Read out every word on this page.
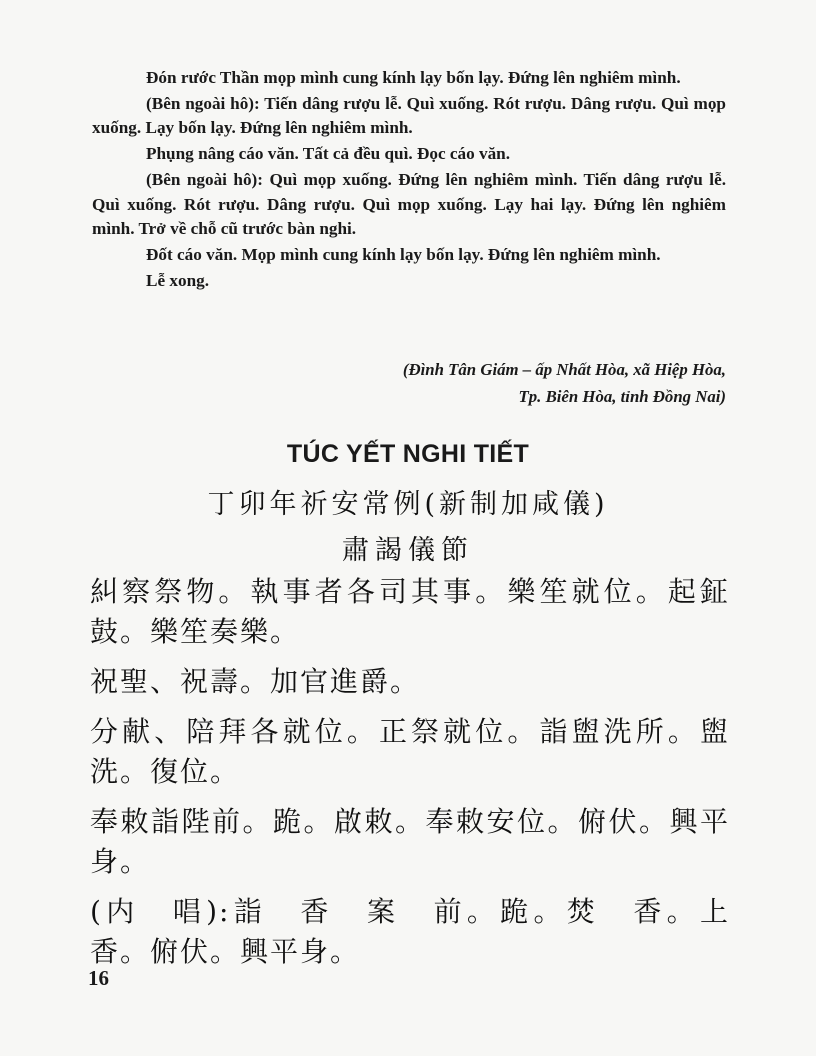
Đón rước Thần mọp mình cung kính lạy bốn lạy. Đứng lên nghiêm mình.

(Bên ngoài hô): Tiến dâng rượu lễ. Quì xuống. Rót rượu. Dâng rượu. Quì mọp xuống. Lạy bốn lạy. Đứng lên nghiêm mình.

Phụng nâng cáo văn. Tất cả đều quì. Đọc cáo văn.

(Bên ngoài hô): Quì mọp xuống. Đứng lên nghiêm mình. Tiến dâng rượu lễ. Quì xuống. Rót rượu. Dâng rượu. Quì mọp xuống. Lạy hai lạy. Đứng lên nghiêm mình. Trở về chỗ cũ trước bàn nghi.

Đốt cáo văn. Mọp mình cung kính lạy bốn lạy. Đứng lên nghiêm mình.

Lễ xong.

(Đình Tân Giám – ấp Nhất Hòa, xã Hiệp Hòa,
Tp. Biên Hòa, tỉnh Đồng Nai)
TÚC YẾT NGHI TIẾT
丁卯年祈安常例(新制加咸儀)
肅謁儀節

糾察祭物。執事者各司其事。樂笙就位。起鉦鼓。樂笙奏樂。

祝聖、祝壽。加官進爵。

分献、陪拜各就位。正祭就位。詣盥洗所。盥洗。復位。

奉敕詣陛前。跪。啟敕。奉敕安位。俯伏。興平身。

(内　唱):詣　香　案　前。跪。焚　香。上　香。俯伏。興平身。

16
